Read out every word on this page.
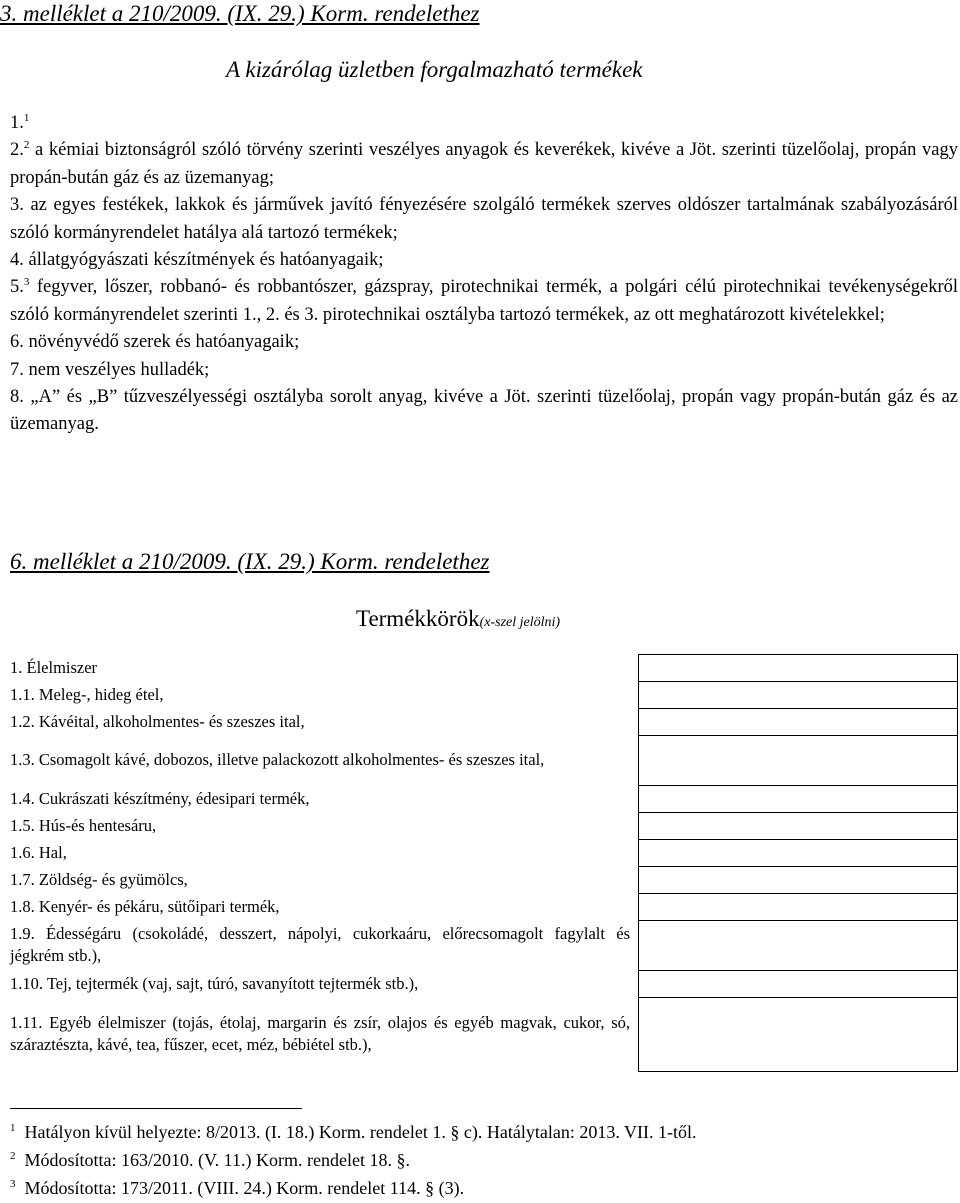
3. melléklet a 210/2009. (IX. 29.) Korm. rendelethez
A kizárólag üzletben forgalmazható termékek

1.$^1$

2.$^2$ a kémiai biztonságról szóló törvény szerinti veszélyes anyagok és keverékek, kivéve a Jöt. szerinti tüzelőolaj, propán vagy propán-bután gáz és az üzemanyag;

3. az egyes festékek, lakkok és járművek javító fényezésére szolgáló termékek szerves oldószer tartalmának szabályozásáról szóló kormányrendelet hatálya alá tartozó termékek;

4. állatgyógyászati készítmények és hatóanyagaik;

5.$^3$ fegyver, lőszer, robbanó- és robbantószer, gázspray, pirotechnikai termék, a polgári célú pirotechnikai tevékenységekről szóló kormányrendelet szerinti 1., 2. és 3. pirotechnikai osztályba tartozó termékek, az ott meghatározott kivételekkel;

6. növényvédő szerek és hatóanyagaik;

7. nem veszélyes hulladék;

8. „A” és „B” tűzveszélyességi osztályba sorolt anyag, kivéve a Jöt. szerinti tüzelőolaj, propán vagy propán-bután gáz és az üzemanyag.

6. melléklet a 210/2009. (IX. 29.) Korm. rendelethez
Termékkörök(x-szel jelölni)
1. Élelmiszer
1.1. Meleg-, hideg étel,
1.2. Kávéital, alkoholmentes- és szeszes ital,
1.3. Csomagolt kávé, dobozos, illetve palackozott alkoholmentes- és szeszes ital,
1.4. Cukrászati készítmény, édesipari termék,
1.5. Hús-és hentesáru,
1.6. Hal,
1.7. Zöldség- és gyümölcs,
1.8. Kenyér- és pékáru, sütőipari termék,
1.9. Édességáru (csokoládé, desszert, nápolyi, cukorkaáru, előrecsomagolt fagylalt és jégkrém stb.),
1.10. Tej, tejtermék (vaj, sajt, túró, savanyított tejtermék stb.),
1.11. Egyéb élelmiszer (tojás, étolaj, margarin és zsír, olajos és egyéb magvak, cukor, só, száraztészta, kávé, tea, fűszer, ecet, méz, bébiétel stb.),

$^1$ Hatályon kívül helyezte: 8/2013. (I. 18.) Korm. rendelet 1. § c). Hatálytalan: 2013. VII. 1-től.

$^2$ Módosította: 163/2010. (V. 11.) Korm. rendelet 18. §.

$^3$ Módosította: 173/2011. (VIII. 24.) Korm. rendelet 114. § (3).
